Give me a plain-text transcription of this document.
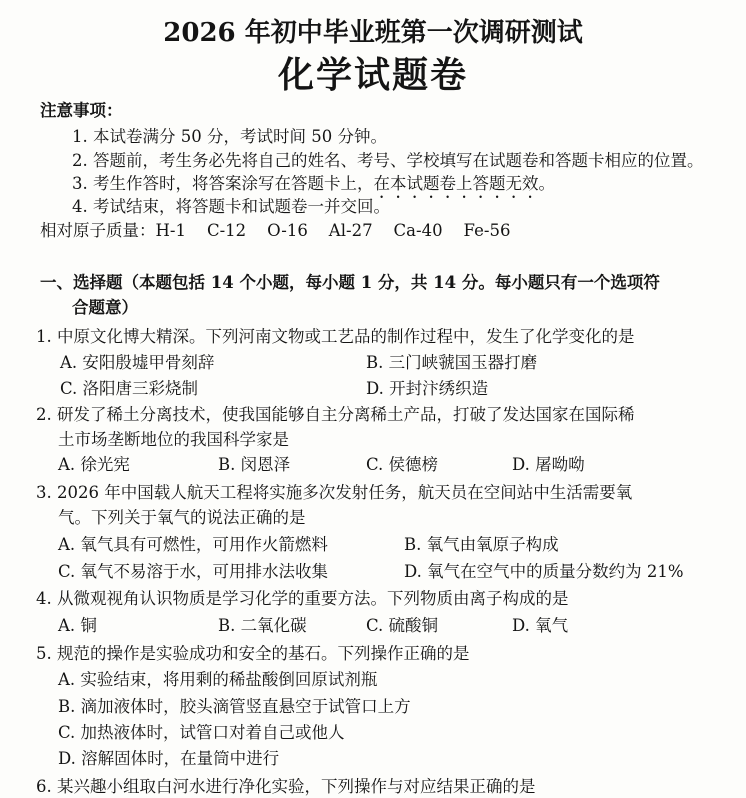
2026 年初中毕业班第一次调研测试
化学试题卷
注意事项：
1. 本试卷满分 50 分，考试时间 50 分钟。
2. 答题前，考生务必先将自己的姓名、考号、学校填写在试题卷和答题卡相应的位置。
3. 考生作答时，将答案涂写在答题卡上，在本试题卷上答题无效。
4. 考试结束，将答题卡和试题卷一并交回。
相对原子质量：H-1    C-12    O-16    Al-27    Ca-40    Fe-56
一、选择题（本题包括 14 个小题，每小题 1 分，共 14 分。每小题只有一个选项符
合题意）
1. 中原文化博大精深。下列河南文物或工艺品的制作过程中，发生了化学变化的是
A. 安阳殷墟甲骨刻辞	B. 三门峡虢国玉器打磨
C. 洛阳唐三彩烧制	D. 开封汴绣织造
2. 研发了稀土分离技术，使我国能够自主分离稀土产品，打破了发达国家在国际稀
土市场垄断地位的我国科学家是
A. 徐光宪	B. 闵恩泽	C. 侯德榜	D. 屠呦呦
3. 2026 年中国载人航天工程将实施多次发射任务，航天员在空间站中生活需要氧
气。下列关于氧气的说法正确的是
A. 氧气具有可燃性，可用作火箭燃料	B. 氧气由氧原子构成
C. 氧气不易溶于水，可用排水法收集	D. 氧气在空气中的质量分数约为 21%
4. 从微观视角认识物质是学习化学的重要方法。下列物质由离子构成的是
A. 铜	B. 二氧化碳	C. 硫酸铜	D. 氧气
5. 规范的操作是实验成功和安全的基石。下列操作正确的是
A. 实验结束，将用剩的稀盐酸倒回原试剂瓶
B. 滴加液体时，胶头滴管竖直悬空于试管口上方
C. 加热液体时，试管口对着自己或他人
D. 溶解固体时，在量筒中进行
6. 某兴趣小组取白河水进行净化实验，下列操作与对应结果正确的是
